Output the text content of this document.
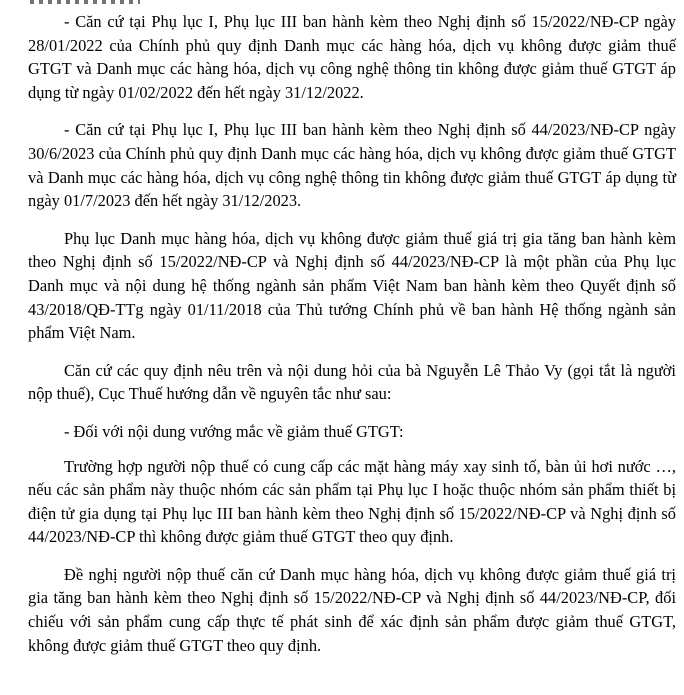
- Căn cứ tại Phụ lục I, Phụ lục III ban hành kèm theo Nghị định số 15/2022/NĐ-CP ngày 28/01/2022 của Chính phủ quy định Danh mục các hàng hóa, dịch vụ không được giảm thuế GTGT và Danh mục các hàng hóa, dịch vụ công nghệ thông tin không được giảm thuế GTGT áp dụng từ ngày 01/02/2022 đến hết ngày 31/12/2022.

- Căn cứ tại Phụ lục I, Phụ lục III ban hành kèm theo Nghị định số 44/2023/NĐ-CP ngày 30/6/2023 của Chính phủ quy định Danh mục các hàng hóa, dịch vụ không được giảm thuế GTGT và Danh mục các hàng hóa, dịch vụ công nghệ thông tin không được giảm thuế GTGT áp dụng từ ngày 01/7/2023 đến hết ngày 31/12/2023.

Phụ lục Danh mục hàng hóa, dịch vụ không được giảm thuế giá trị gia tăng ban hành kèm theo Nghị định số 15/2022/NĐ-CP và Nghị định số 44/2023/NĐ-CP là một phần của Phụ lục Danh mục và nội dung hệ thống ngành sản phẩm Việt Nam ban hành kèm theo Quyết định số 43/2018/QĐ-TTg ngày 01/11/2018 của Thủ tướng Chính phủ về ban hành Hệ thống ngành sản phẩm Việt Nam.

Căn cứ các quy định nêu trên và nội dung hỏi của bà Nguyễn Lê Thảo Vy (gọi tắt là người nộp thuế), Cục Thuế hướng dẫn về nguyên tắc như sau:

- Đối với nội dung vướng mắc về giảm thuế GTGT:

Trường hợp người nộp thuế có cung cấp các mặt hàng máy xay sinh tố, bàn ủi hơi nước …, nếu các sản phẩm này thuộc nhóm các sản phẩm tại Phụ lục I hoặc thuộc nhóm sản phẩm thiết bị điện tử gia dụng tại Phụ lục III ban hành kèm theo Nghị định số 15/2022/NĐ-CP và Nghị định số 44/2023/NĐ-CP thì không được giảm thuế GTGT theo quy định.

Đề nghị người nộp thuế căn cứ Danh mục hàng hóa, dịch vụ không được giảm thuế giá trị gia tăng ban hành kèm theo Nghị định số 15/2022/NĐ-CP và Nghị định số 44/2023/NĐ-CP, đối chiếu với sản phẩm cung cấp thực tế phát sinh để xác định sản phẩm được giảm thuế GTGT, không được giảm thuế GTGT theo quy định.
